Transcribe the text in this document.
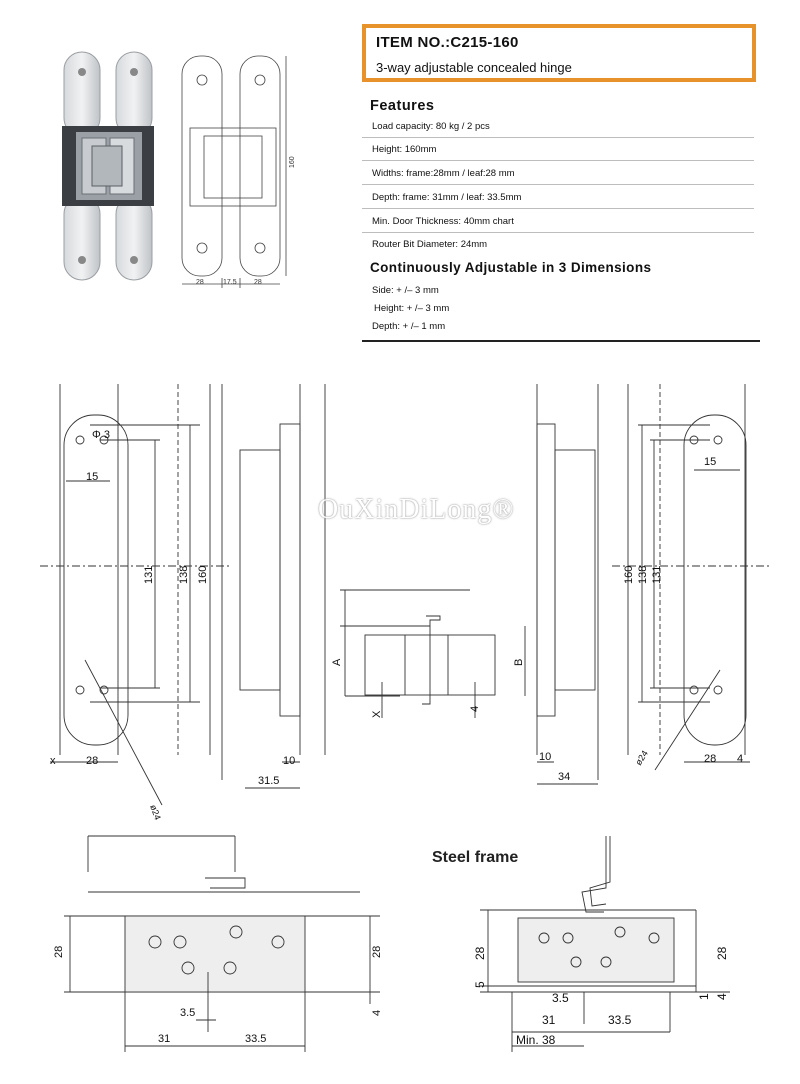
160
28	17.5 28
ITEM NO.:C215-160
3-way adjustable concealed hinge
Features
Load capacity: 80 kg / 2 pcs
Height: 160mm
Widths: frame:28mm / leaf:28 mm
Depth: frame: 31mm / leaf: 33.5mm
Min. Door Thickness: 40mm chart
Router Bit Diameter: 24mm
Continuously Adjustable in 3 Dimensions
Side: + /– 3 mm
Height: + /– 3 mm
Depth: + /– 1 mm
Φ 3
15
131 138 160
x	28
ø24
10
31.5
A	B
X
4
10
34
15
160 138 131
ø24	28 4
OuXinDiLong®
28	28
3.5	4
31	33.5
Steel frame
28	28
5
3.5	1 4
31	33.5
Min. 38
